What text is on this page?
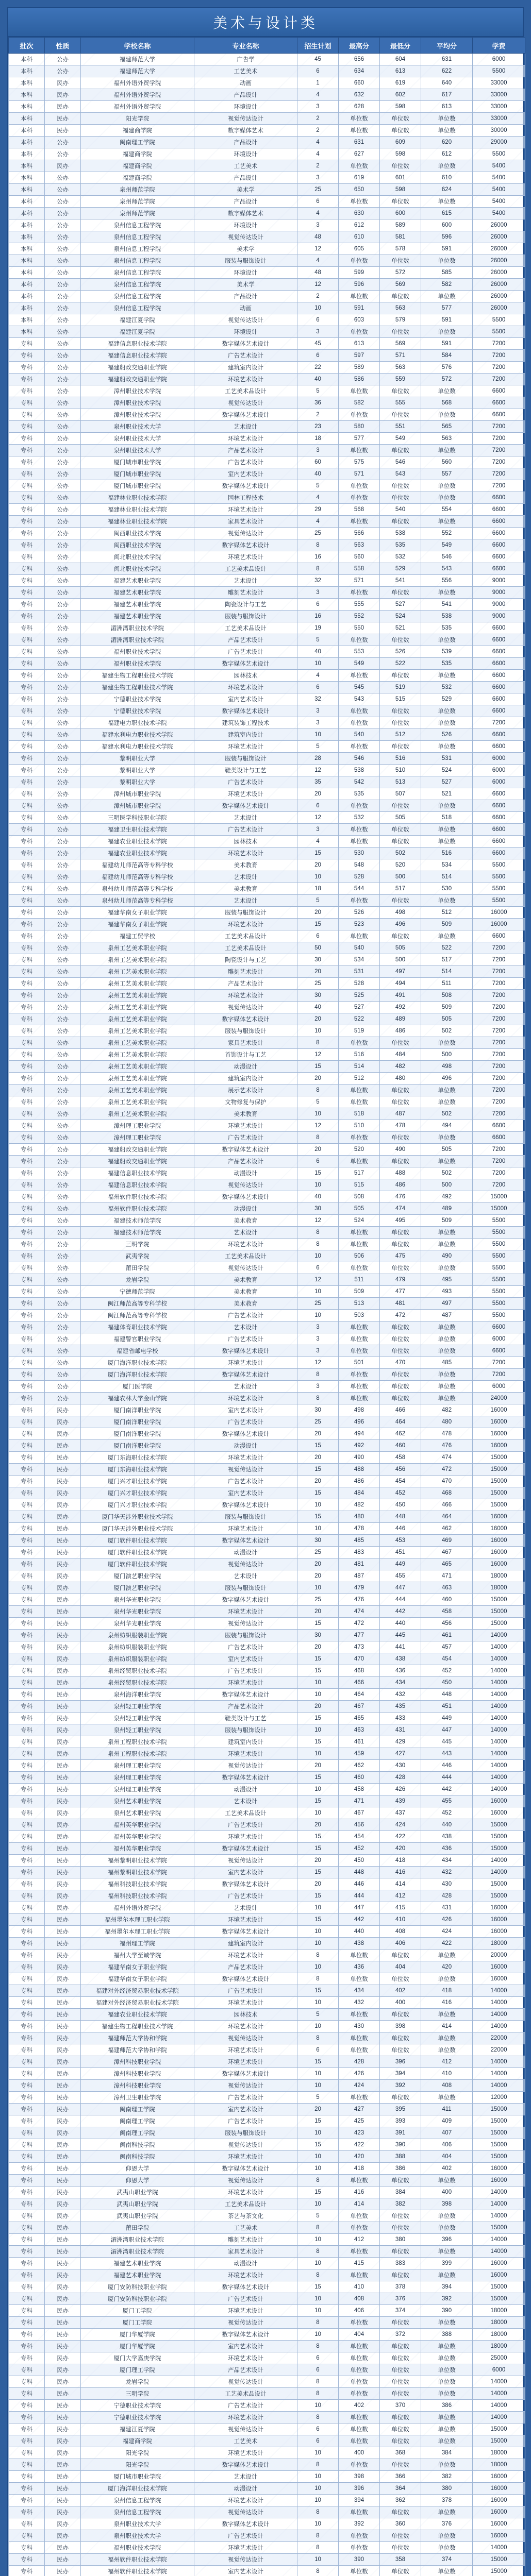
美术与设计类
批次	性质	学校名称	专业名称	招生计划	最高分	最低分	平均分	学费
本科	公办	福建师范大学	广告学	45	656	604	631	6000
本科	公办	福建师范大学	工艺美术	6	634	613	622	5500
本科	民办	福州外语外贸学院	动画	1	660	619	640	33000
本科	民办	福州外语外贸学院	产品设计	4	632	602	617	33000
本科	民办	福州外语外贸学院	环境设计	3	628	598	613	33000
本科	民办	阳光学院	视觉传达设计	2	单位数	单位数	单位数	33000
本科	民办	福建商学院	数字媒体艺术	2	单位数	单位数	单位数	30000
本科	公办	闽南理工学院	产品设计	4	631	609	620	29000
本科	公办	福建商学院	环境设计	4	627	598	612	5500
本科	民办	福建商学院	工艺美术	2	单位数	单位数	单位数	5400
本科	公办	福建商学院	产品设计	3	619	601	610	5400
本科	公办	泉州师范学院	美术学	25	650	598	624	5400
本科	公办	泉州师范学院	产品设计	6	单位数	单位数	单位数	5400
本科	公办	泉州师范学院	数字媒体艺术	4	630	600	615	5400
本科	公办	泉州信息工程学院	环境设计	3	612	589	600	26000
本科	公办	泉州信息工程学院	视觉传达设计	48	610	581	596	26000
本科	公办	泉州信息工程学院	美术学	12	605	578	591	26000
本科	公办	泉州信息工程学院	服装与服饰设计	4	单位数	单位数	单位数	26000
本科	公办	泉州信息工程学院	环境设计	48	599	572	585	26000
本科	公办	泉州信息工程学院	美术学	12	596	569	582	26000
本科	公办	泉州信息工程学院	产品设计	2	单位数	单位数	单位数	26000
本科	公办	泉州信息工程学院	动画	10	591	563	577	26000
本科	公办	福建江夏学院	视觉传达设计	6	603	579	591	5500
本科	公办	福建江夏学院	环境设计	3	单位数	单位数	单位数	5500
专科	公办	福建信息职业技术学院	数字媒体艺术设计	45	613	569	591	7200
专科	公办	福建信息职业技术学院	广告艺术设计	6	597	571	584	7200
专科	公办	福建船政交通职业学院	建筑室内设计	22	589	563	576	7200
专科	公办	福建船政交通职业学院	环境艺术设计	40	586	559	572	7200
专科	公办	漳州职业技术学院	工艺美术品设计	5	单位数	单位数	单位数	6600
专科	公办	漳州职业技术学院	视觉传达设计	36	582	555	568	6600
专科	公办	漳州职业技术学院	数字媒体艺术设计	2	单位数	单位数	单位数	6600
专科	公办	泉州职业技术大学	艺术设计	23	580	551	565	7200
专科	公办	泉州职业技术大学	环境艺术设计	18	577	549	563	7200
专科	公办	泉州职业技术大学	产品艺术设计	3	单位数	单位数	单位数	7200
专科	公办	厦门城市职业学院	广告艺术设计	60	575	546	560	7200
专科	公办	厦门城市职业学院	室内艺术设计	40	571	543	557	7200
专科	公办	厦门城市职业学院	数字媒体艺术设计	5	单位数	单位数	单位数	7200
专科	公办	福建林业职业技术学院	园林工程技术	4	单位数	单位数	单位数	6600
专科	公办	福建林业职业技术学院	环境艺术设计	29	568	540	554	6600
专科	公办	福建林业职业技术学院	家具艺术设计	4	单位数	单位数	单位数	6600
专科	公办	闽西职业技术学院	视觉传达设计	25	566	538	552	6600
专科	公办	闽西职业技术学院	数字媒体艺术设计	8	563	535	549	6600
专科	公办	闽北职业技术学院	环境艺术设计	16	560	532	546	6600
专科	公办	闽北职业技术学院	工艺美术品设计	8	558	529	543	6600
专科	公办	福建艺术职业学院	艺术设计	32	571	541	556	9000
专科	公办	福建艺术职业学院	雕刻艺术设计	3	单位数	单位数	单位数	9000
专科	公办	福建艺术职业学院	陶瓷设计与工艺	6	555	527	541	9000
专科	公办	福建艺术职业学院	服装与服饰设计	16	552	524	538	9000
专科	公办	湄洲湾职业技术学院	工艺美术品设计	19	550	521	535	6600
专科	公办	湄洲湾职业技术学院	产品艺术设计	5	单位数	单位数	单位数	6600
专科	公办	福州职业技术学院	广告艺术设计	40	553	526	539	6600
专科	公办	福州职业技术学院	数字媒体艺术设计	10	549	522	535	6600
专科	公办	福建生物工程职业技术学院	园林技术	4	单位数	单位数	单位数	6600
专科	公办	福建生物工程职业技术学院	环境艺术设计	6	545	519	532	6600
专科	公办	宁德职业技术学院	室内艺术设计	32	543	515	529	6600
专科	公办	宁德职业技术学院	数字媒体艺术设计	3	单位数	单位数	单位数	6600
专科	公办	福建电力职业技术学院	建筑装饰工程技术	3	单位数	单位数	单位数	7200
专科	公办	福建水利电力职业技术学院	建筑室内设计	10	540	512	526	6600
专科	公办	福建水利电力职业技术学院	环境艺术设计	5	单位数	单位数	单位数	6600
专科	公办	黎明职业大学	服装与服饰设计	28	546	516	531	6000
专科	公办	黎明职业大学	鞋类设计与工艺	12	538	510	524	6000
专科	公办	黎明职业大学	广告艺术设计	35	542	513	527	6000
专科	公办	漳州城市职业学院	环境艺术设计	20	535	507	521	6600
专科	公办	漳州城市职业学院	数字媒体艺术设计	6	单位数	单位数	单位数	6600
专科	公办	三明医学科技职业学院	艺术设计	12	532	505	518	6600
专科	公办	福建卫生职业技术学院	广告艺术设计	3	单位数	单位数	单位数	6600
专科	公办	福建农业职业技术学院	园林技术	4	单位数	单位数	单位数	6600
专科	公办	福建农业职业技术学院	环境艺术设计	15	530	502	516	6600
专科	公办	福建幼儿师范高等专科学校	美术教育	20	548	520	534	5500
专科	公办	福建幼儿师范高等专科学校	艺术设计	10	528	500	514	5500
专科	公办	泉州幼儿师范高等专科学校	美术教育	18	544	517	530	5500
专科	公办	泉州幼儿师范高等专科学校	艺术设计	5	单位数	单位数	单位数	5500
专科	公办	福建华南女子职业学院	服装与服饰设计	20	526	498	512	16000
专科	公办	福建华南女子职业学院	环境艺术设计	15	523	496	509	16000
专科	公办	福建工贸学校	工艺美术品设计	6	单位数	单位数	单位数	6600
专科	公办	泉州工艺美术职业学院	工艺美术品设计	50	540	505	522	7200
专科	公办	泉州工艺美术职业学院	陶瓷设计与工艺	30	534	500	517	7200
专科	公办	泉州工艺美术职业学院	雕刻艺术设计	20	531	497	514	7200
专科	公办	泉州工艺美术职业学院	产品艺术设计	25	528	494	511	7200
专科	公办	泉州工艺美术职业学院	环境艺术设计	30	525	491	508	7200
专科	公办	泉州工艺美术职业学院	视觉传达设计	40	527	492	509	7200
专科	公办	泉州工艺美术职业学院	数字媒体艺术设计	20	522	489	505	7200
专科	公办	泉州工艺美术职业学院	服装与服饰设计	10	519	486	502	7200
专科	公办	泉州工艺美术职业学院	家具艺术设计	8	单位数	单位数	单位数	7200
专科	公办	泉州工艺美术职业学院	首饰设计与工艺	12	516	484	500	7200
专科	公办	泉州工艺美术职业学院	动漫设计	15	514	482	498	7200
专科	公办	泉州工艺美术职业学院	建筑室内设计	20	512	480	496	7200
专科	公办	泉州工艺美术职业学院	展示艺术设计	8	单位数	单位数	单位数	7200
专科	公办	泉州工艺美术职业学院	文物修复与保护	5	单位数	单位数	单位数	7200
专科	公办	泉州工艺美术职业学院	美术教育	10	518	487	502	7200
专科	公办	漳州理工职业学院	环境艺术设计	12	510	478	494	6600
专科	公办	漳州理工职业学院	广告艺术设计	8	单位数	单位数	单位数	6600
专科	公办	福建船政交通职业学院	数字媒体艺术设计	20	520	490	505	7200
专科	公办	福建船政交通职业学院	产品艺术设计	6	单位数	单位数	单位数	7200
专科	公办	福建信息职业技术学院	动漫设计	15	517	488	502	7200
专科	公办	福建信息职业技术学院	视觉传达设计	10	515	486	500	7200
专科	公办	福州软件职业技术学院	数字媒体艺术设计	40	508	476	492	15000
专科	公办	福州软件职业技术学院	动漫设计	30	505	474	489	15000
专科	公办	福建技术师范学院	美术教育	12	524	495	509	5500
专科	公办	福建技术师范学院	艺术设计	8	单位数	单位数	单位数	5500
专科	公办	三明学院	环境艺术设计	8	单位数	单位数	单位数	5500
专科	公办	武夷学院	工艺美术品设计	10	506	475	490	5500
专科	公办	莆田学院	视觉传达设计	6	单位数	单位数	单位数	5500
专科	公办	龙岩学院	美术教育	12	511	479	495	5500
专科	公办	宁德师范学院	美术教育	10	509	477	493	5500
专科	公办	闽江师范高等专科学校	美术教育	25	513	481	497	5500
专科	公办	闽江师范高等专科学校	广告艺术设计	10	503	472	487	5500
专科	公办	福建体育职业技术学院	艺术设计	3	单位数	单位数	单位数	6600
专科	公办	福建警官职业学院	广告艺术设计	3	单位数	单位数	单位数	6000
专科	公办	福建省邮电学校	数字媒体艺术设计	3	单位数	单位数	单位数	6600
专科	公办	厦门海洋职业技术学院	环境艺术设计	12	501	470	485	7200
专科	公办	厦门海洋职业技术学院	数字媒体艺术设计	8	单位数	单位数	单位数	7200
专科	公办	厦门医学院	艺术设计	3	单位数	单位数	单位数	6000
专科	公办	福建农林大学金山学院	环境艺术设计	8	单位数	单位数	单位数	24000
专科	民办	厦门南洋职业学院	室内艺术设计	30	498	466	482	16000
专科	民办	厦门南洋职业学院	广告艺术设计	25	496	464	480	16000
专科	民办	厦门南洋职业学院	数字媒体艺术设计	20	494	462	478	16000
专科	民办	厦门南洋职业学院	动漫设计	15	492	460	476	16000
专科	民办	厦门东海职业技术学院	环境艺术设计	20	490	458	474	15000
专科	民办	厦门东海职业技术学院	视觉传达设计	15	488	456	472	15000
专科	民办	厦门兴才职业技术学院	广告艺术设计	20	486	454	470	15000
专科	民办	厦门兴才职业技术学院	室内艺术设计	15	484	452	468	15000
专科	民办	厦门兴才职业技术学院	数字媒体艺术设计	10	482	450	466	15000
专科	民办	厦门华天涉外职业技术学院	服装与服饰设计	15	480	448	464	16000
专科	民办	厦门华天涉外职业技术学院	环境艺术设计	10	478	446	462	16000
专科	民办	厦门软件职业技术学院	数字媒体艺术设计	30	485	453	469	16000
专科	民办	厦门软件职业技术学院	动漫设计	25	483	451	467	16000
专科	民办	厦门软件职业技术学院	视觉传达设计	20	481	449	465	16000
专科	民办	厦门演艺职业学院	艺术设计	20	487	455	471	18000
专科	民办	厦门演艺职业学院	服装与服饰设计	10	479	447	463	18000
专科	民办	泉州华光职业学院	数字媒体艺术设计	25	476	444	460	15000
专科	民办	泉州华光职业学院	环境艺术设计	20	474	442	458	15000
专科	民办	泉州华光职业学院	视觉传达设计	15	472	440	456	15000
专科	民办	泉州纺织服装职业学院	服装与服饰设计	30	477	445	461	14000
专科	民办	泉州纺织服装职业学院	广告艺术设计	20	473	441	457	14000
专科	民办	泉州纺织服装职业学院	室内艺术设计	15	470	438	454	14000
专科	民办	泉州经贸职业技术学院	广告艺术设计	15	468	436	452	14000
专科	民办	泉州经贸职业技术学院	环境艺术设计	10	466	434	450	14000
专科	民办	泉州海洋职业学院	数字媒体艺术设计	10	464	432	448	14000
专科	民办	泉州轻工职业学院	产品艺术设计	20	467	435	451	14000
专科	民办	泉州轻工职业学院	鞋类设计与工艺	15	465	433	449	14000
专科	民办	泉州轻工职业学院	服装与服饰设计	10	463	431	447	14000
专科	民办	泉州工程职业技术学院	建筑室内设计	15	461	429	445	14000
专科	民办	泉州工程职业技术学院	环境艺术设计	10	459	427	443	14000
专科	民办	泉州理工职业学院	视觉传达设计	20	462	430	446	14000
专科	民办	泉州理工职业学院	数字媒体艺术设计	15	460	428	444	14000
专科	民办	泉州理工职业学院	动漫设计	10	458	426	442	14000
专科	民办	泉州艺术职业学院	艺术设计	15	471	439	455	16000
专科	民办	泉州艺术职业学院	工艺美术品设计	10	467	437	452	16000
专科	民办	福州英华职业学院	广告艺术设计	20	456	424	440	15000
专科	民办	福州英华职业学院	环境艺术设计	15	454	422	438	15000
专科	民办	福州英华职业学院	数字媒体艺术设计	15	452	420	436	15000
专科	民办	福州黎明职业技术学院	视觉传达设计	20	450	418	434	14000
专科	民办	福州黎明职业技术学院	室内艺术设计	15	448	416	432	14000
专科	民办	福州科技职业技术学院	数字媒体艺术设计	20	446	414	430	15000
专科	民办	福州科技职业技术学院	广告艺术设计	15	444	412	428	15000
专科	民办	福州外语外贸学院	艺术设计	10	447	415	431	16000
专科	民办	福州墨尔本理工职业学院	环境艺术设计	15	442	410	426	16000
专科	民办	福州墨尔本理工职业学院	数字媒体艺术设计	10	440	408	424	16000
专科	民办	福州理工学院	建筑室内设计	10	438	406	422	18000
专科	民办	福州大学至诚学院	环境艺术设计	8	单位数	单位数	单位数	20000
专科	民办	福建华南女子职业学院	产品艺术设计	10	436	404	420	16000
专科	民办	福建华南女子职业学院	数字媒体艺术设计	8	单位数	单位数	单位数	16000
专科	民办	福建对外经济贸易职业技术学院	广告艺术设计	15	434	402	418	14000
专科	民办	福建对外经济贸易职业技术学院	环境艺术设计	10	432	400	416	14000
专科	民办	福建农业职业技术学院	园林技术	5	单位数	单位数	单位数	14000
专科	民办	福建生物工程职业技术学院	环境艺术设计	10	430	398	414	14000
专科	民办	福建师范大学协和学院	视觉传达设计	8	单位数	单位数	单位数	22000
专科	民办	福建师范大学协和学院	环境艺术设计	6	单位数	单位数	单位数	22000
专科	民办	漳州科技职业学院	环境艺术设计	15	428	396	412	14000
专科	民办	漳州科技职业学院	数字媒体艺术设计	10	426	394	410	14000
专科	民办	漳州科技职业学院	视觉传达设计	10	424	392	408	14000
专科	民办	漳州卫生职业学院	广告艺术设计	5	单位数	单位数	单位数	12000
专科	民办	闽南理工学院	室内艺术设计	20	427	395	411	15000
专科	民办	闽南理工学院	广告艺术设计	15	425	393	409	15000
专科	民办	闽南理工学院	服装与服饰设计	10	423	391	407	15000
专科	民办	闽南科技学院	视觉传达设计	15	422	390	406	15000
专科	民办	闽南科技学院	环境艺术设计	10	420	388	404	15000
专科	民办	仰恩大学	数字媒体艺术设计	10	418	386	402	16000
专科	民办	仰恩大学	视觉传达设计	8	单位数	单位数	单位数	16000
专科	民办	武夷山职业学院	环境艺术设计	15	416	384	400	14000
专科	民办	武夷山职业学院	工艺美术品设计	10	414	382	398	14000
专科	民办	武夷山职业学院	茶艺与茶文化	5	单位数	单位数	单位数	14000
专科	民办	莆田学院	工艺美术	8	单位数	单位数	单位数	15000
专科	民办	湄洲湾职业技术学院	雕刻艺术设计	10	412	380	396	14000
专科	民办	湄洲湾职业技术学院	家具艺术设计	8	单位数	单位数	单位数	14000
专科	民办	福建艺术职业学院	动漫设计	10	415	383	399	16000
专科	民办	福建艺术职业学院	环境艺术设计	8	单位数	单位数	单位数	16000
专科	民办	厦门安防科技职业学院	数字媒体艺术设计	15	410	378	394	15000
专科	民办	厦门安防科技职业学院	广告艺术设计	10	408	376	392	15000
专科	民办	厦门工学院	环境艺术设计	10	406	374	390	18000
专科	民办	厦门工学院	视觉传达设计	8	单位数	单位数	单位数	18000
专科	民办	厦门华厦学院	数字媒体艺术设计	10	404	372	388	18000
专科	民办	厦门华厦学院	室内艺术设计	8	单位数	单位数	单位数	18000
专科	民办	厦门大学嘉庚学院	环境艺术设计	6	单位数	单位数	单位数	25000
专科	民办	厦门理工学院	产品艺术设计	6	单位数	单位数	单位数	6000
专科	民办	龙岩学院	视觉传达设计	8	单位数	单位数	单位数	14000
专科	民办	三明学院	工艺美术品设计	8	单位数	单位数	单位数	14000
专科	民办	宁德职业技术学院	广告艺术设计	10	402	370	386	14000
专科	民办	宁德职业技术学院	环境艺术设计	8	单位数	单位数	单位数	14000
专科	民办	福建江夏学院	视觉传达设计	6	单位数	单位数	单位数	15000
专科	民办	福建商学院	工艺美术	6	单位数	单位数	单位数	15000
专科	民办	阳光学院	环境艺术设计	10	400	368	384	18000
专科	民办	阳光学院	数字媒体艺术设计	8	单位数	单位数	单位数	18000
专科	民办	厦门城市职业学院	艺术设计	10	398	366	382	16000
专科	民办	厦门海洋职业技术学院	动漫设计	10	396	364	380	16000
专科	民办	泉州信息工程学院	环境艺术设计	10	394	362	378	16000
专科	民办	泉州信息工程学院	视觉传达设计	8	单位数	单位数	单位数	16000
专科	民办	泉州职业技术大学	数字媒体艺术设计	10	392	360	376	16000
专科	民办	泉州职业技术大学	广告艺术设计	8	单位数	单位数	单位数	16000
专科	民办	福州职业技术学院	环境艺术设计	8	单位数	单位数	单位数	14000
专科	民办	福州软件职业技术学院	视觉传达设计	10	390	358	374	15000
专科	民办	福州软件职业技术学院	室内艺术设计	8	单位数	单位数	单位数	15000
